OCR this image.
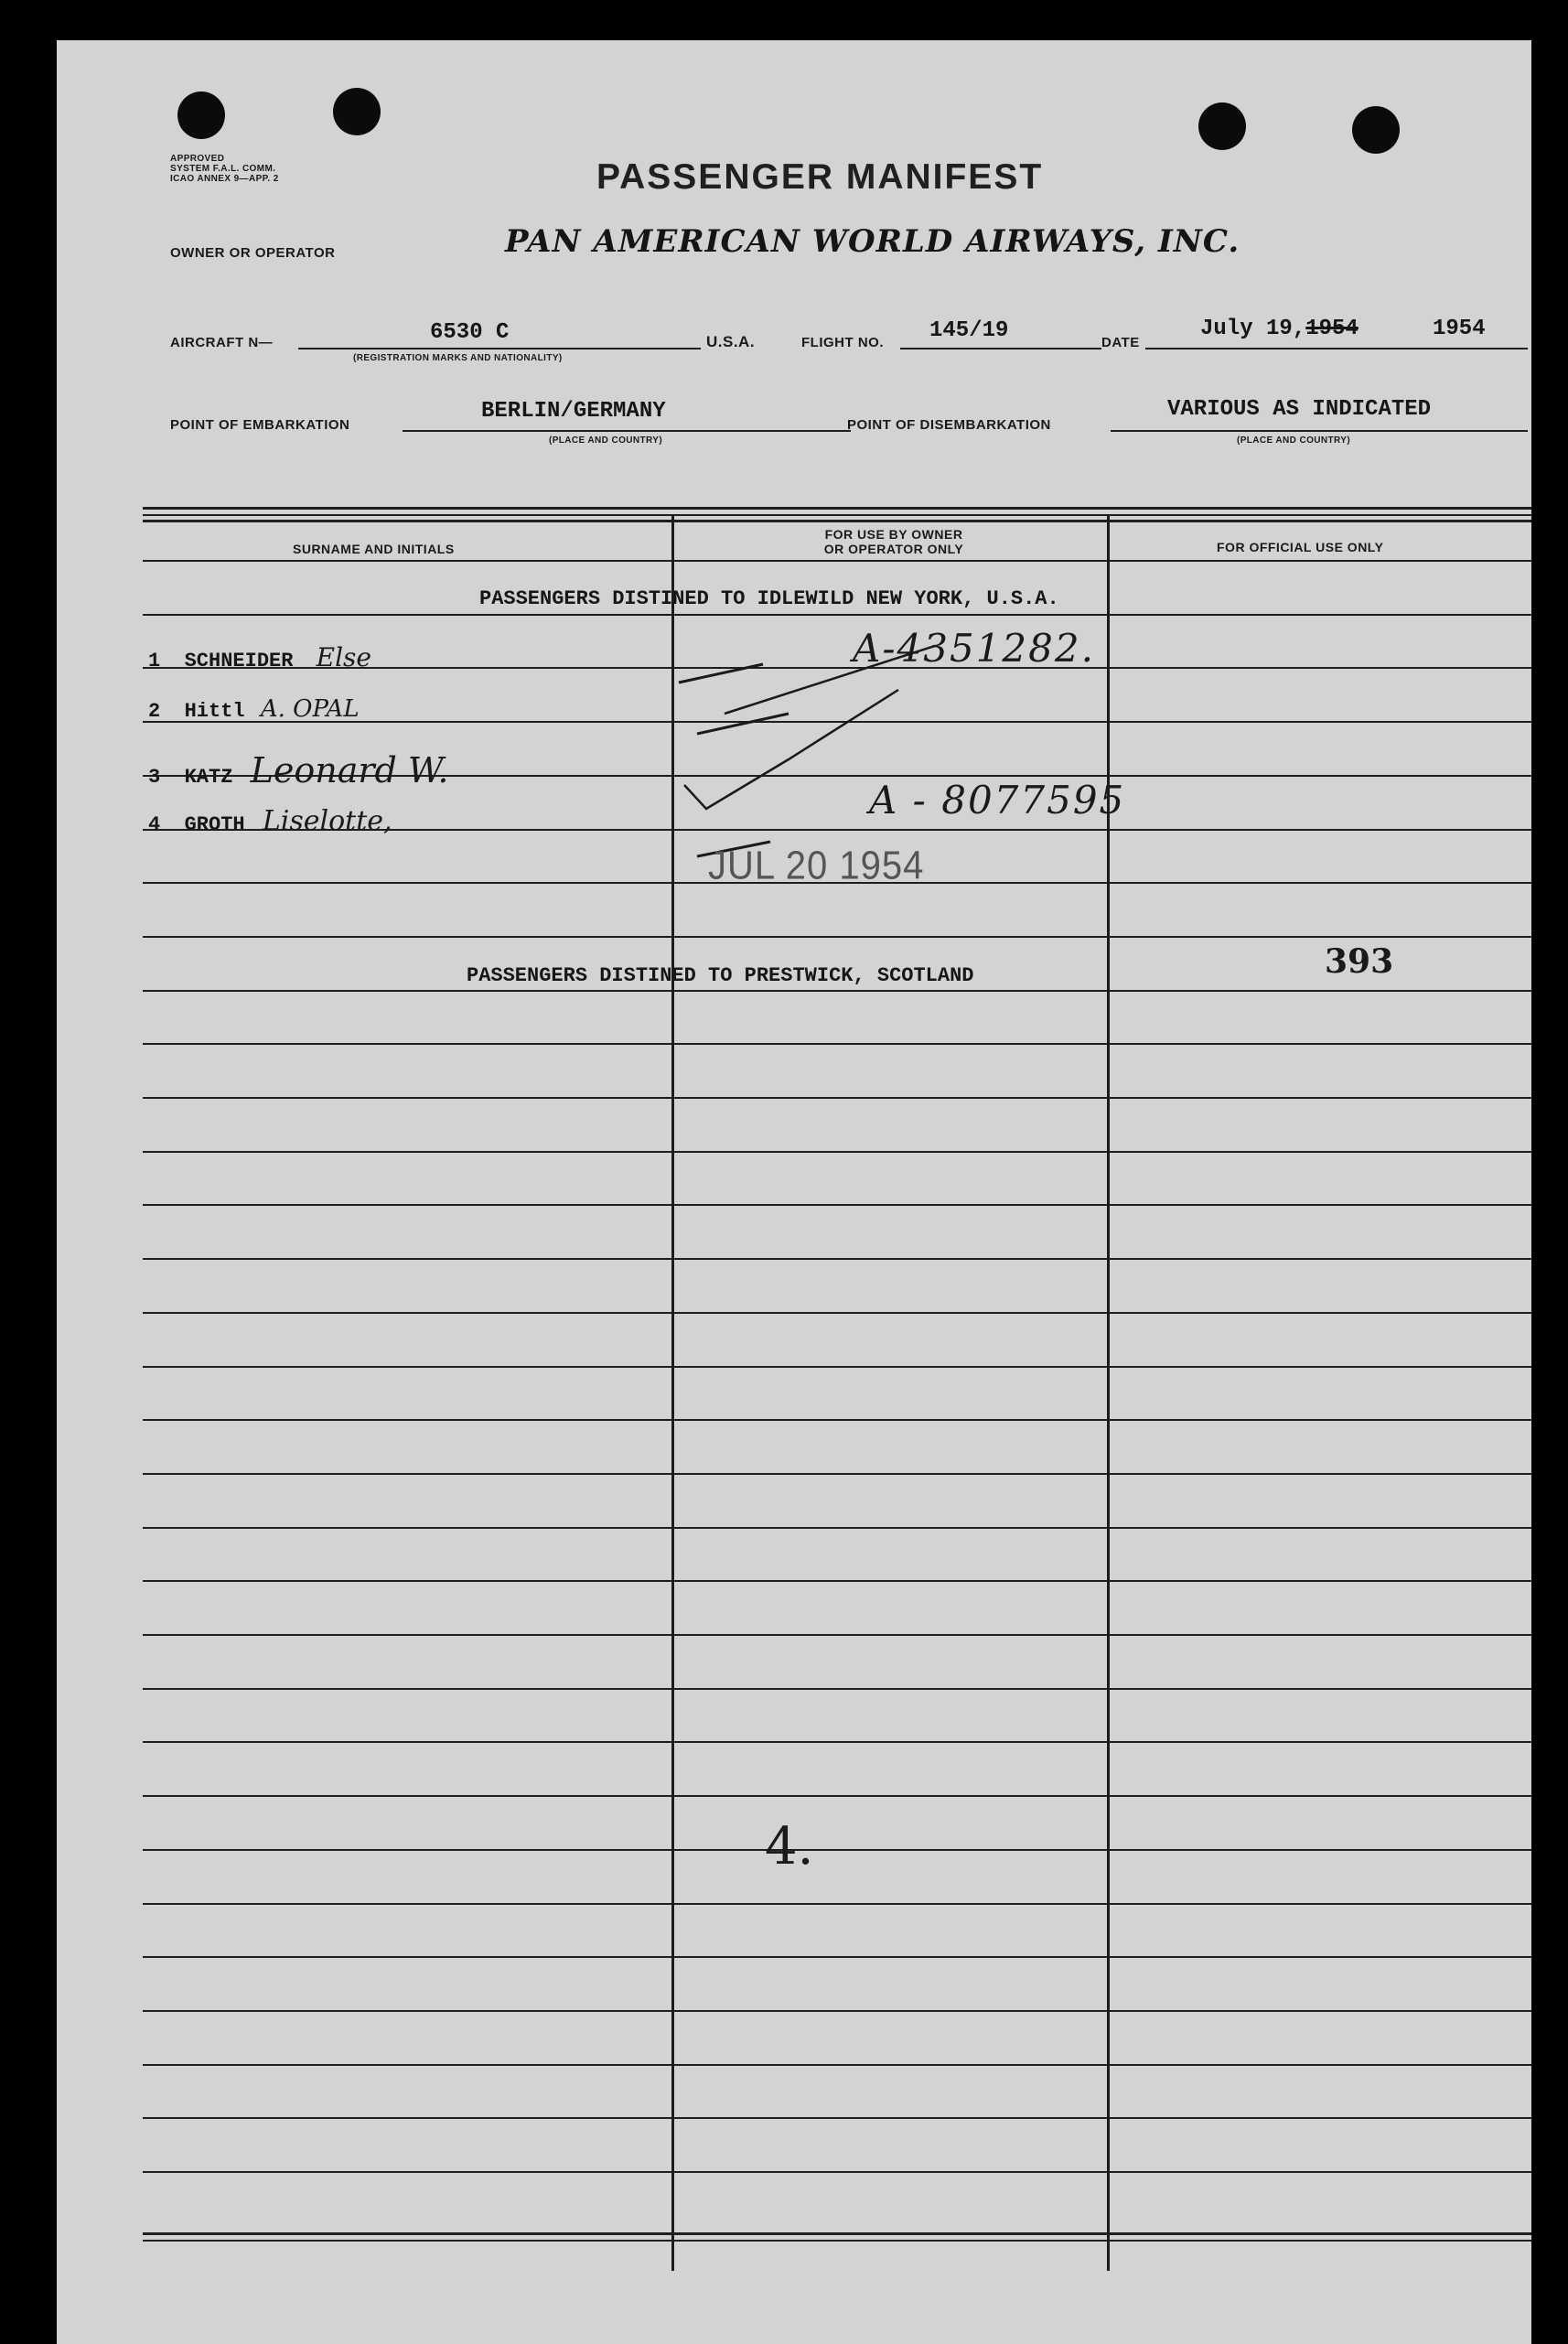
APPROVED
SYSTEM F.A.L. COMM.
ICAO ANNEX 9—APP. 2	PASSENGER MANIFEST
OWNER OR OPERATOR	PAN AMERICAN WORLD AIRWAYS, INC.
AIRCRAFT N—	6530 C
(REGISTRATION MARKS AND NATIONALITY)
U.S.A.	FLIGHT NO. 145/19	DATE
July 19,1954	1954
POINT OF EMBARKATION
BERLIN/GERMANY
(PLACE AND COUNTRY)
POINT OF DISEMBARKATION
VARIOUS AS INDICATED
(PLACE AND COUNTRY)
SURNAME AND INITIALS
FOR USE BY OWNER
OR OPERATOR ONLY	FOR OFFICIAL USE ONLY
PASSENGERS DISTINED TO IDLEWILD NEW YORK, U.S.A.
1 SCHNEIDER Else	A-4351282.
2 Hittl A. OPAL
3 KATZ Leonard W.
4 GROTH Liselotte,	A - 8077595
JUL 20 1954
PASSENGERS DISTINED TO PRESTWICK, SCOTLAND	393
4.
